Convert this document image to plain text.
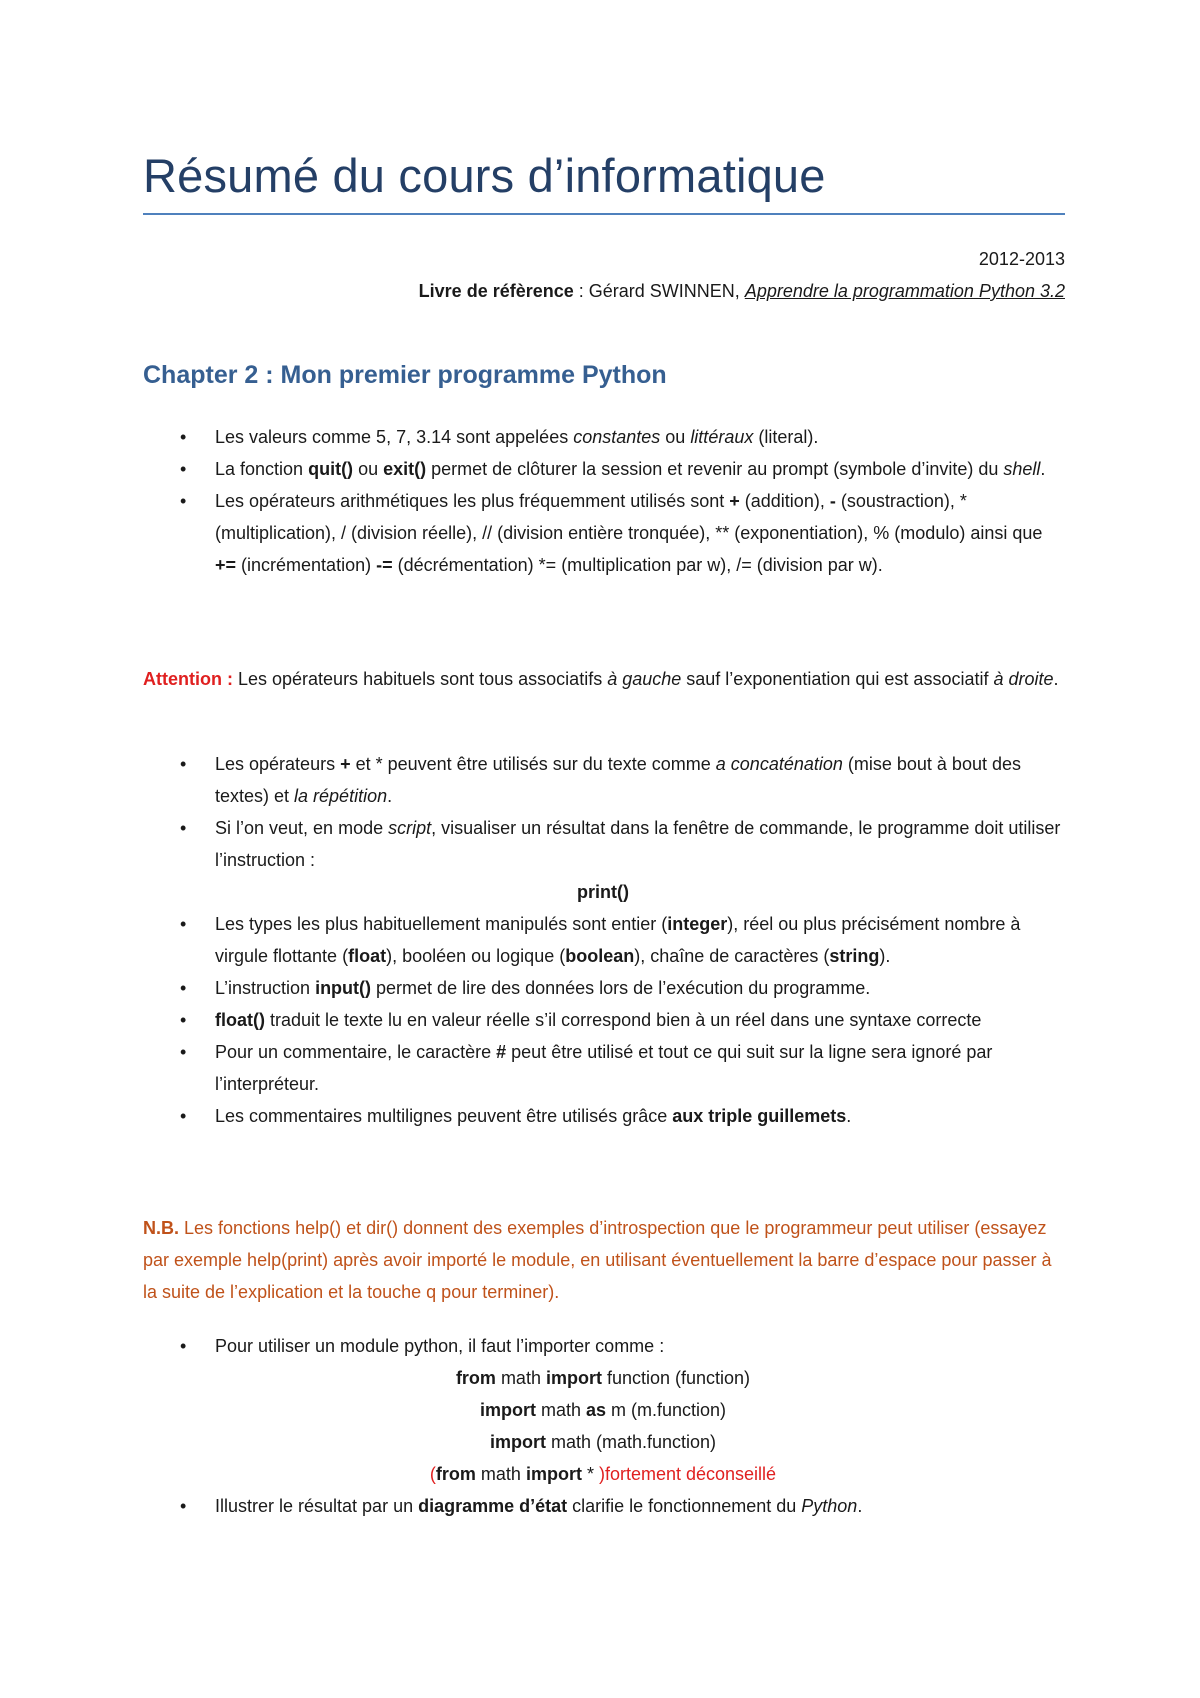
Résumé du cours d’informatique
2012-2013
Livre de réfèrence : Gérard SWINNEN, Apprendre la programmation Python 3.2
Chapter 2 : Mon premier programme Python
• Les valeurs comme 5, 7, 3.14 sont appelées constantes ou littéraux (literal).
• La fonction quit() ou exit() permet de clôturer la session et revenir au prompt (symbole d’invite) du shell.
• Les opérateurs arithmétiques les plus fréquemment utilisés sont + (addition), - (soustraction), * (multiplication), / (division réelle), // (division entière tronquée), ** (exponentiation), % (modulo) ainsi que += (incrémentation) -= (décrémentation) *= (multiplication par w), /= (division par w).
Attention : Les opérateurs habituels sont tous associatifs à gauche sauf l’exponentiation qui est associatif à droite.
• Les opérateurs + et * peuvent être utilisés sur du texte comme a concaténation (mise bout à bout des textes) et la répétition.
• Si l’on veut, en mode script, visualiser un résultat dans la fenêtre de commande, le programme doit utiliser l’instruction :
print()
• Les types les plus habituellement manipulés sont entier (integer), réel ou plus précisément nombre à virgule flottante (float), booléen ou logique (boolean), chaîne de caractères (string).
• L’instruction input() permet de lire des données lors de l’exécution du programme.
• float() traduit le texte lu en valeur réelle s’il correspond bien à un réel dans une syntaxe correcte
• Pour un commentaire, le caractère # peut être utilisé et tout ce qui suit sur la ligne sera ignoré par l’interpréteur.
• Les commentaires multilignes peuvent être utilisés grâce aux triple guillemets.
N.B. Les fonctions help() et dir() donnent des exemples d’introspection que le programmeur peut utiliser (essayez par exemple help(print) après avoir importé le module, en utilisant éventuellement la barre d’espace pour passer à la suite de l’explication et la touche q pour terminer).
• Pour utiliser un module python, il faut l’importer comme :
from math import function (function)
import math as m (m.function)
import math (math.function)
(from math import * )fortement déconseillé
• Illustrer le résultat par un diagramme d’état clarifie le fonctionnement du Python.
